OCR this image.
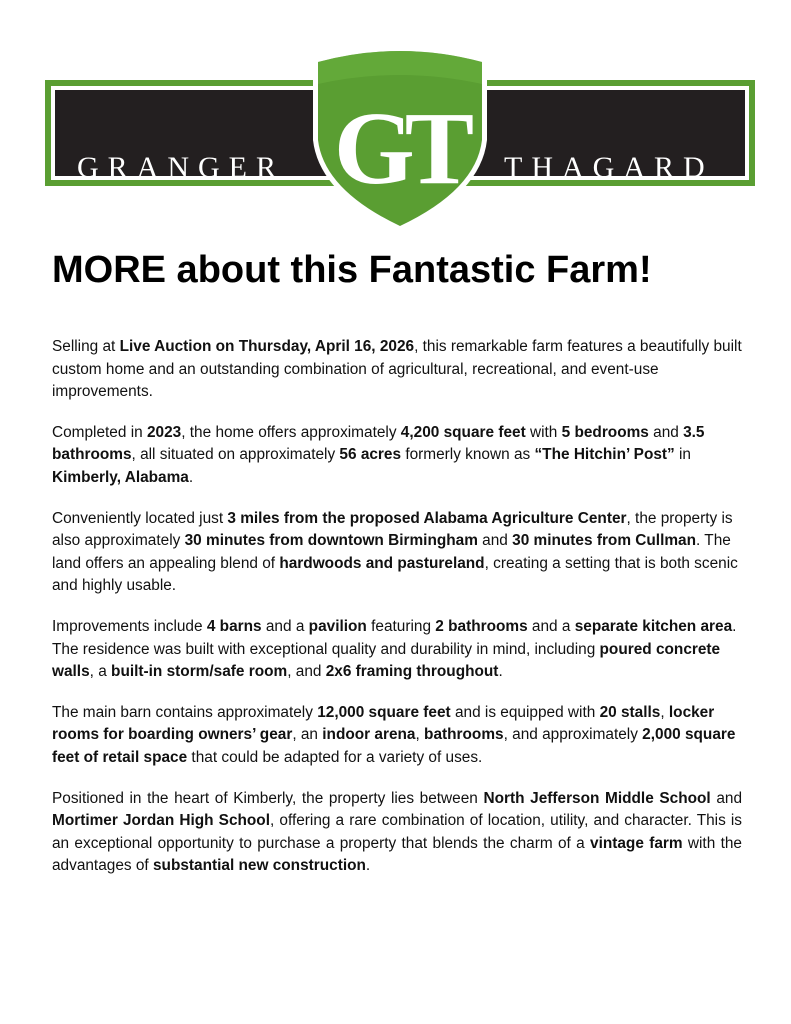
GRANGER GT THAGARD
MORE about this Fantastic Farm!

Selling at Live Auction on Thursday, April 16, 2026, this remarkable farm features a beautifully built custom home and an outstanding combination of agricultural, recreational, and event-use improvements.

Completed in 2023, the home offers approximately 4,200 square feet with 5 bedrooms and 3.5 bathrooms, all situated on approximately 56 acres formerly known as “The Hitchin’ Post” in Kimberly, Alabama.

Conveniently located just 3 miles from the proposed Alabama Agriculture Center, the property is also approximately 30 minutes from downtown Birmingham and 30 minutes from Cullman. The land offers an appealing blend of hardwoods and pastureland, creating a setting that is both scenic and highly usable.

Improvements include 4 barns and a pavilion featuring 2 bathrooms and a separate kitchen area. The residence was built with exceptional quality and durability in mind, including poured concrete walls, a built-in storm/safe room, and 2x6 framing throughout.

The main barn contains approximately 12,000 square feet and is equipped with 20 stalls, locker rooms for boarding owners’ gear, an indoor arena, bathrooms, and approximately 2,000 square feet of retail space that could be adapted for a variety of uses.

Positioned in the heart of Kimberly, the property lies between North Jefferson Middle School and Mortimer Jordan High School, offering a rare combination of location, utility, and character. This is an exceptional opportunity to purchase a property that blends the charm of a vintage farm with the advantages of substantial new construction.
